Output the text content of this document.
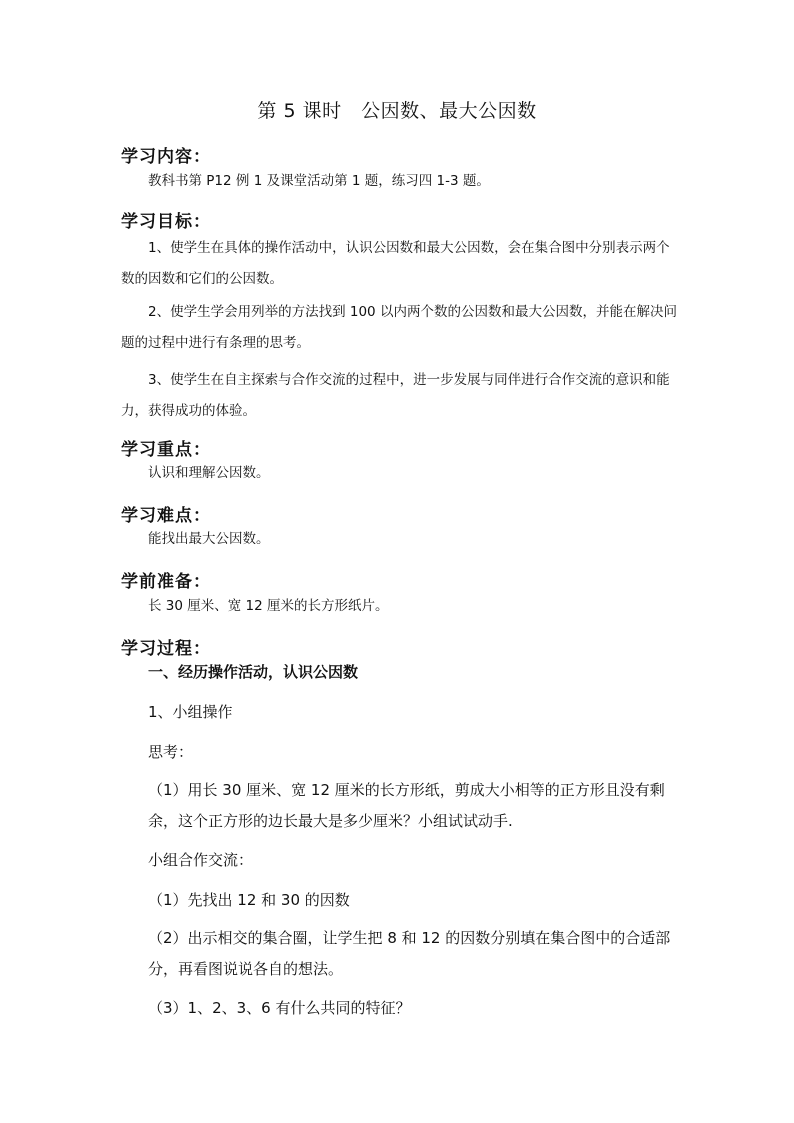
第 5 课时　公因数、最大公因数
学习内容：
教科书第 P12 例 1 及课堂活动第 1 题，练习四 1-3 题。
学习目标：
1、使学生在具体的操作活动中，认识公因数和最大公因数，会在集合图中分别表示两个数的因数和它们的公因数。
2、使学生学会用列举的方法找到 100 以内两个数的公因数和最大公因数，并能在解决问题的过程中进行有条理的思考。
3、使学生在自主探索与合作交流的过程中，进一步发展与同伴进行合作交流的意识和能力，获得成功的体验。
学习重点：
认识和理解公因数。
学习难点：
能找出最大公因数。
学前准备：
长 30 厘米、宽 12 厘米的长方形纸片。
学习过程：
一、经历操作活动，认识公因数
1、小组操作
思考：
（1）用长 30 厘米、宽 12 厘米的长方形纸，剪成大小相等的正方形且没有剩余，这个正方形的边长最大是多少厘米？小组试试动手.
小组合作交流：
（1）先找出 12 和 30 的因数
（2）出示相交的集合圈，让学生把 8 和 12 的因数分别填在集合图中的合适部分，再看图说说各自的想法。
（3）1、2、3、6 有什么共同的特征？
